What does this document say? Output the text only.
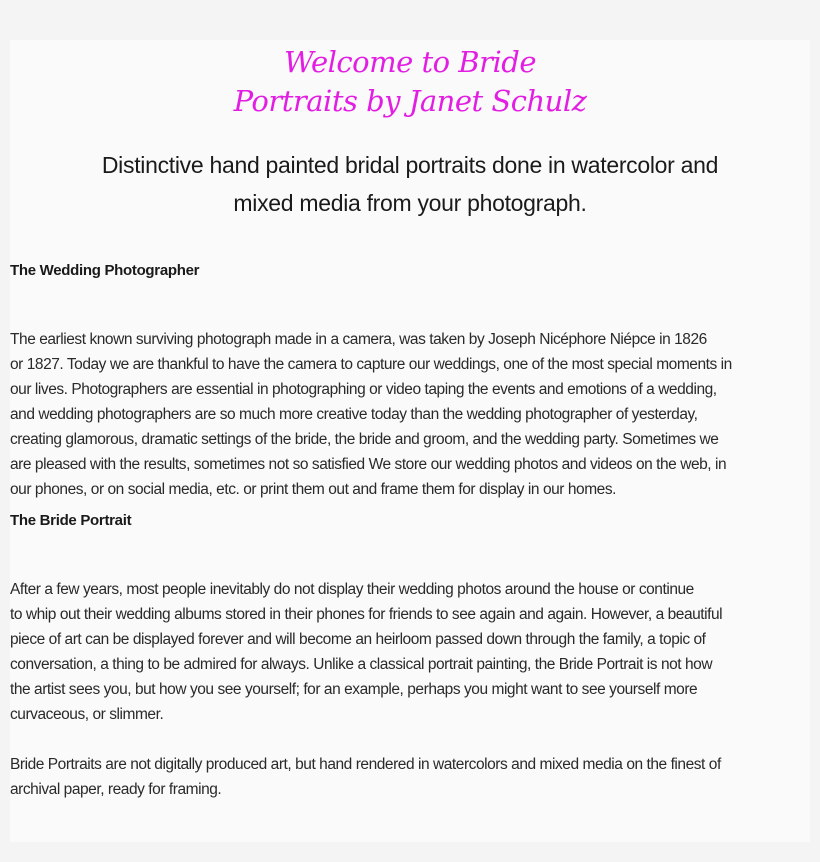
Welcome to Bride
Portraits by Janet Schulz
Distinctive hand painted bridal portraits done in watercolor and
mixed media from your photograph.
The Wedding Photographer

The earliest known surviving photograph made in a camera, was taken by Joseph Nicéphore Niépce in 1826
or 1827. Today we are thankful to have the camera to capture our weddings, one of the most special moments in
our lives. Photographers are essential in photographing or video taping the events and emotions of a wedding,
and wedding photographers are so much more creative today than the wedding photographer of yesterday,
creating glamorous, dramatic settings of the bride, the bride and groom, and the wedding party. Sometimes we
are pleased with the results, sometimes not so satisfied We store our wedding photos and videos on the web, in
our phones, or on social media, etc. or print them out and frame them for display in our homes.

The Bride Portrait

After a few years, most people inevitably do not display their wedding photos around the house or continue
to whip out their wedding albums stored in their phones for friends to see again and again. However, a beautiful
piece of art can be displayed forever and will become an heirloom passed down through the family, a topic of
conversation, a thing to be admired for always. Unlike a classical portrait painting, the Bride Portrait is not how
the artist sees you, but how you see yourself; for an example, perhaps you might want to see yourself more
curvaceous, or slimmer.

Bride Portraits are not digitally produced art, but hand rendered in watercolors and mixed media on the finest of
archival paper, ready for framing.
